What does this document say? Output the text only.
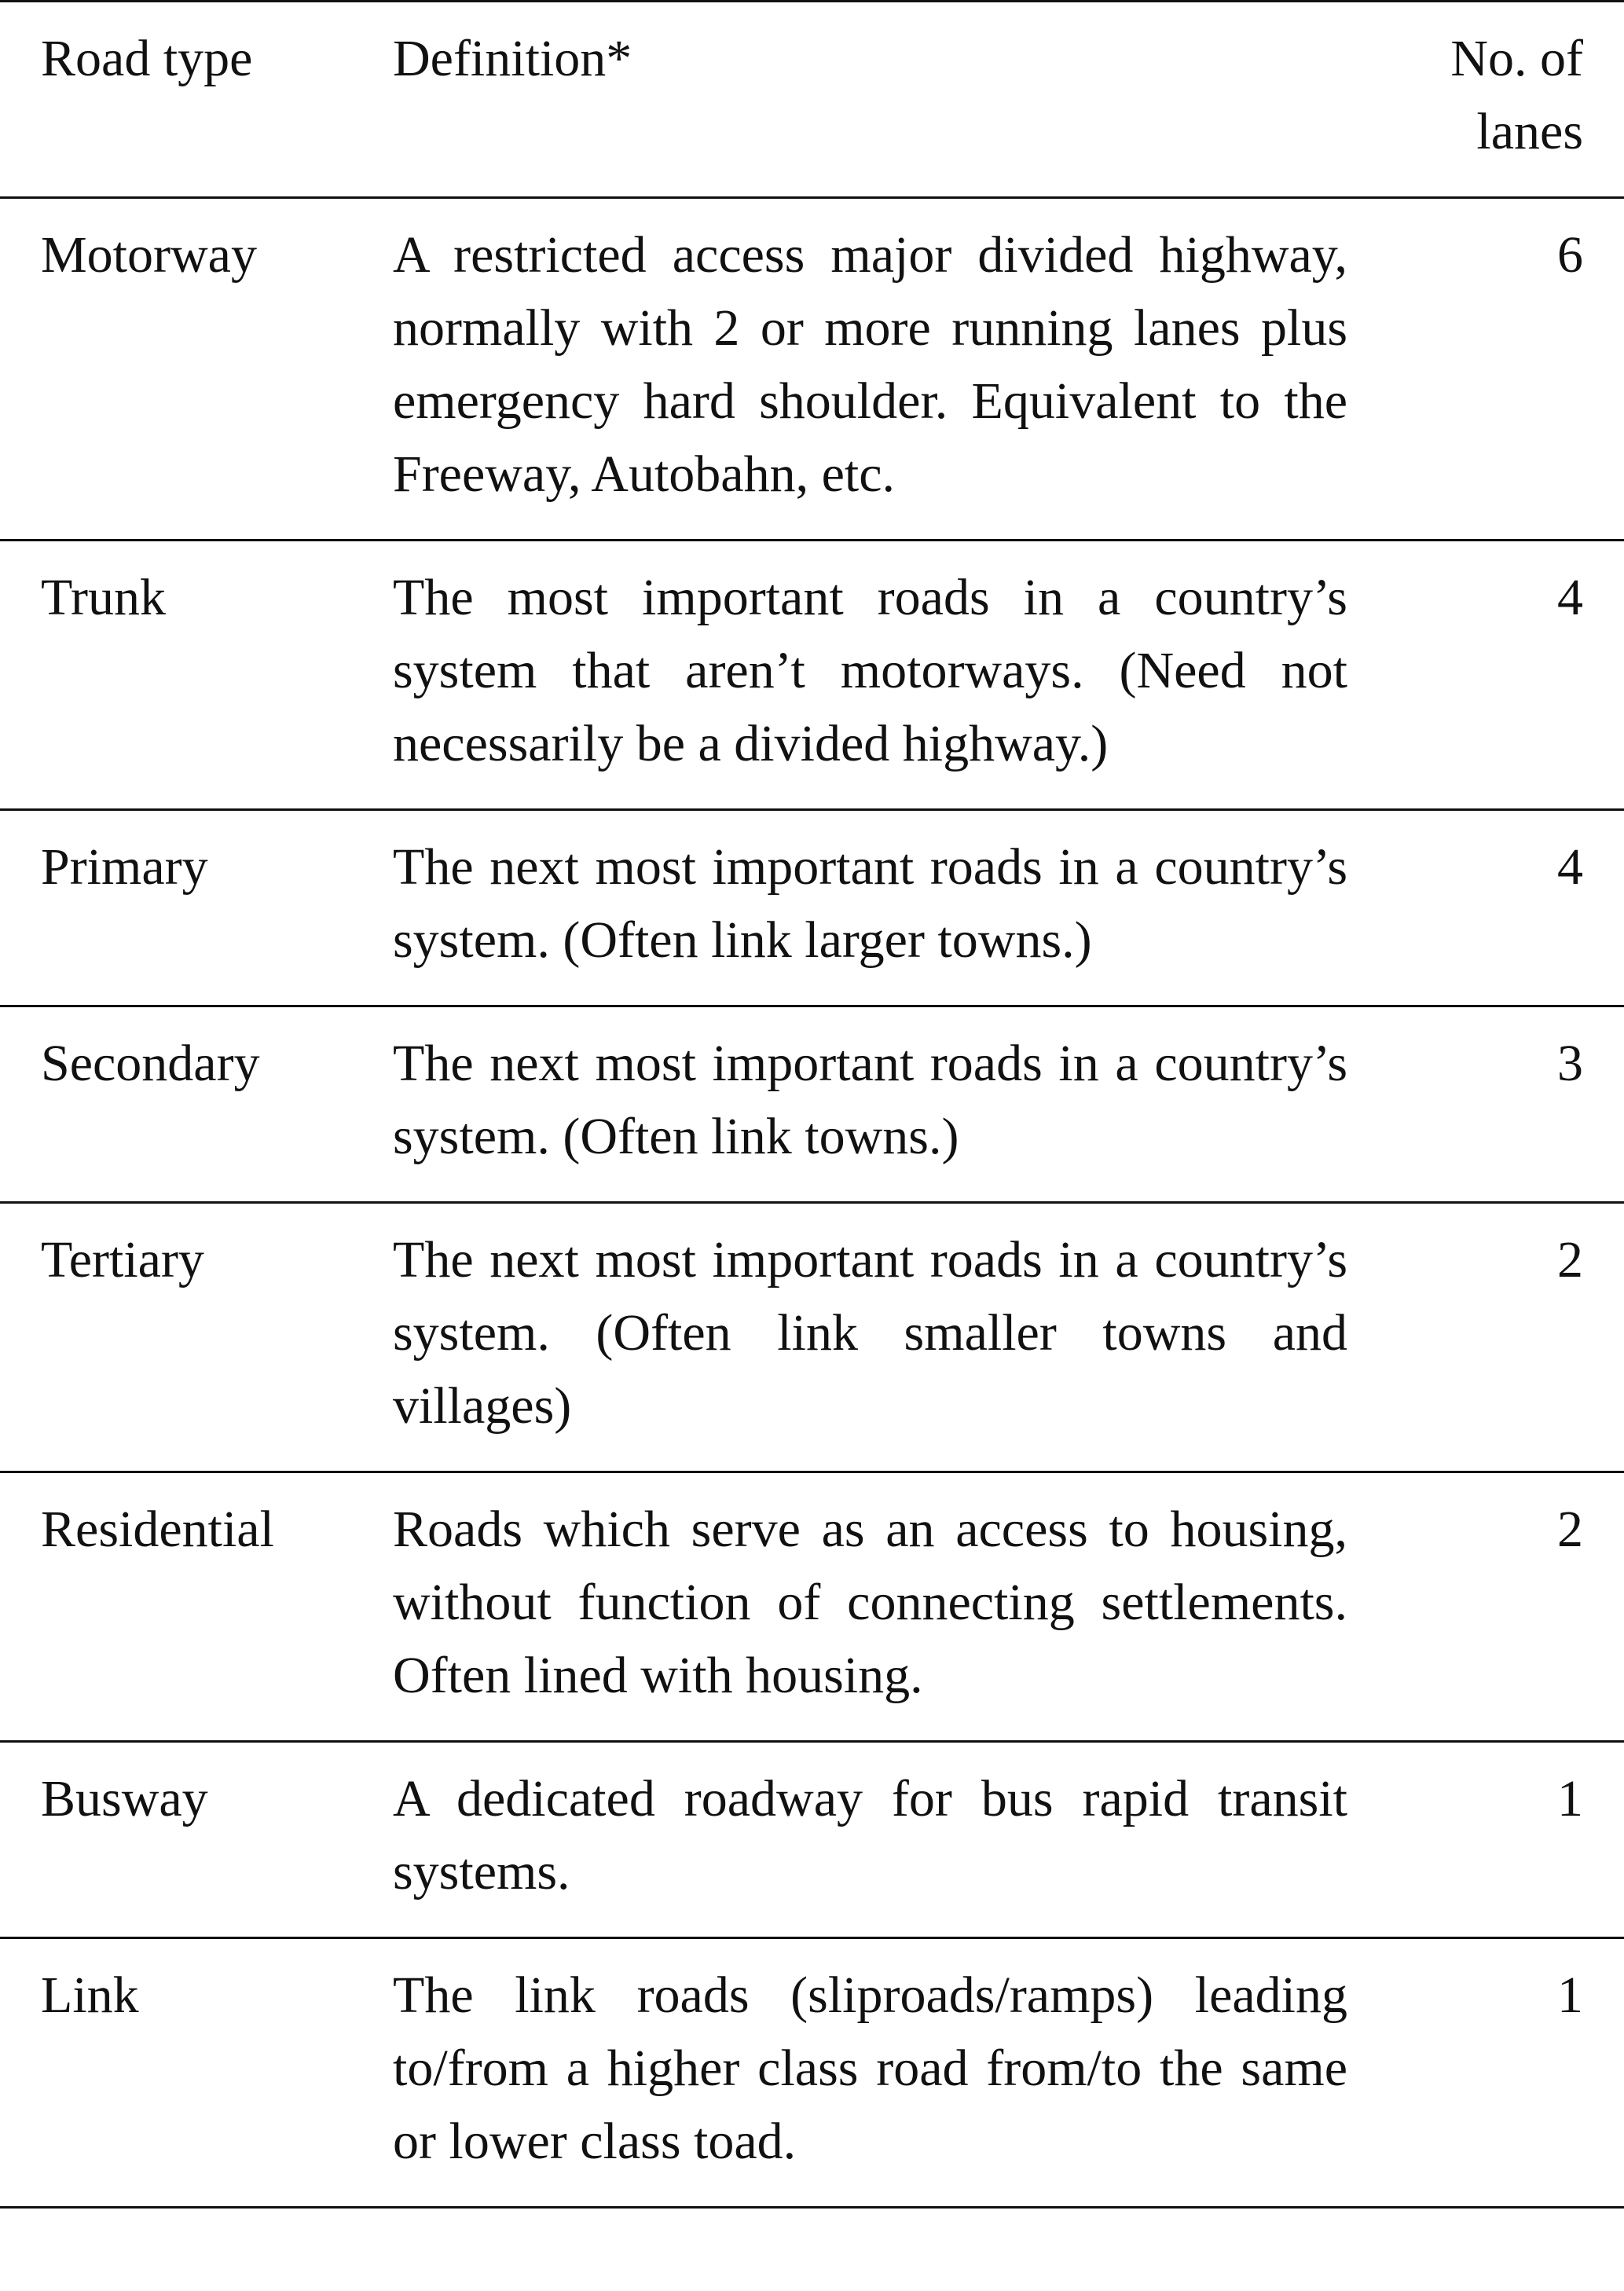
Road type	Definition*	No. of
lanes

Motorway	A restricted access major divided highway, normally with 2 or more running lanes plus emergency hard shoulder. Equivalent to the Freeway, Autobahn, etc.	6
Trunk	The most important roads in a country’s system that aren’t motorways. (Need not necessarily be a divided highway.)	4
Primary	The next most important roads in a country’s system. (Often link larger towns.)	4
Secondary	The next most important roads in a country’s system. (Often link towns.)	3
Tertiary	The next most important roads in a country’s system. (Often link smaller towns and villages)	2
Residential	Roads which serve as an access to housing, without function of connecting settlements. Often lined with housing.	2
Busway	A dedicated roadway for bus rapid transit systems.	1
Link	The link roads (sliproads/ramps) leading to/from a higher class road from/to the same or lower class toad.	1
